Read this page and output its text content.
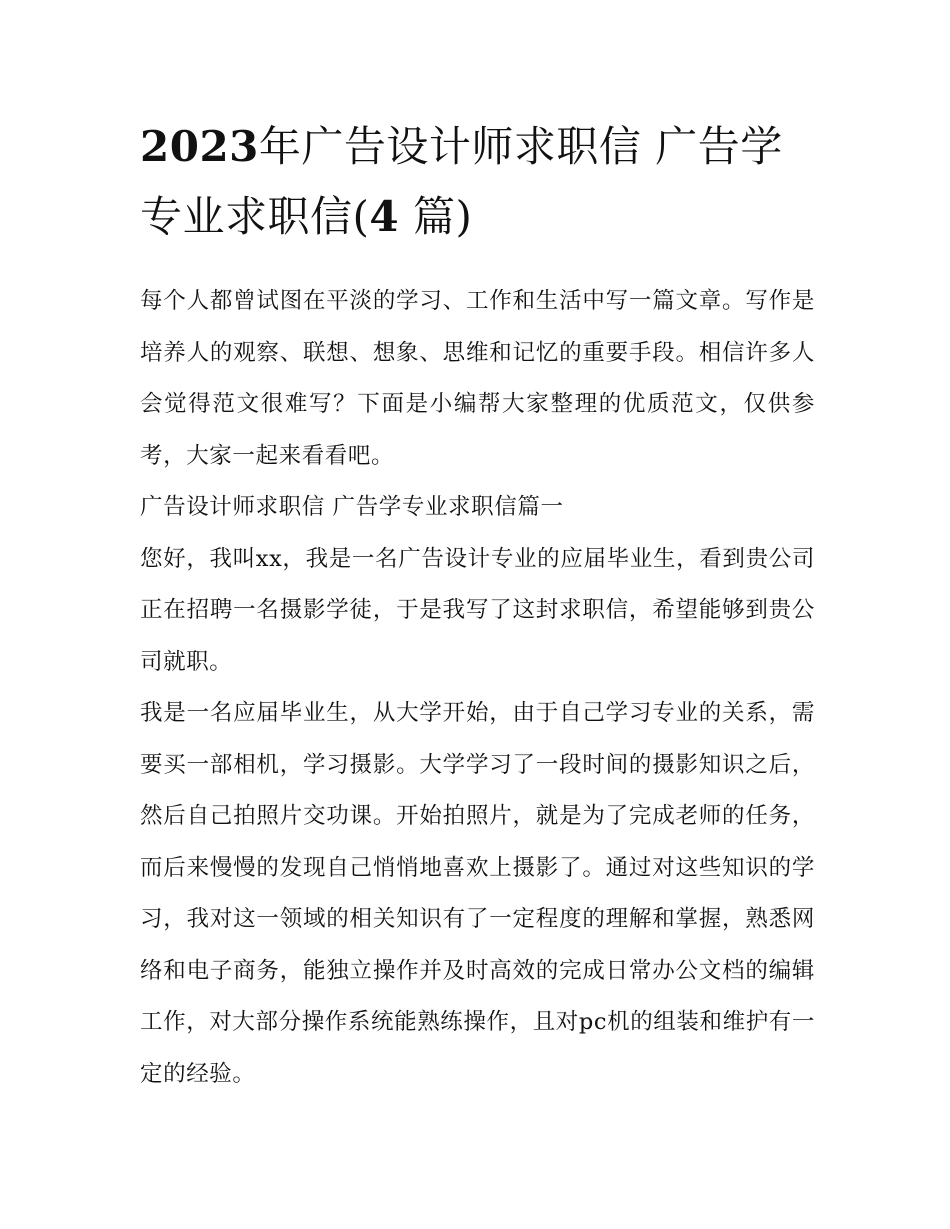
2023年广告设计师求职信 广告学专业求职信(4 篇)

每个人都曾试图在平淡的学习、工作和生活中写一篇文章。写作是培养人的观察、联想、想象、思维和记忆的重要手段。相信许多人会觉得范文很难写？下面是小编帮大家整理的优质范文，仅供参考，大家一起来看看吧。

广告设计师求职信 广告学专业求职信篇一

您好，我叫xx，我是一名广告设计专业的应届毕业生，看到贵公司正在招聘一名摄影学徒，于是我写了这封求职信，希望能够到贵公司就职。

我是一名应届毕业生，从大学开始，由于自己学习专业的关系，需要买一部相机，学习摄影。大学学习了一段时间的摄影知识之后，然后自己拍照片交功课。开始拍照片，就是为了完成老师的任务，而后来慢慢的发现自己悄悄地喜欢上摄影了。通过对这些知识的学习，我对这一领域的相关知识有了一定程度的理解和掌握，熟悉网络和电子商务，能独立操作并及时高效的完成日常办公文档的编辑工作，对大部分操作系统能熟练操作，且对pc机的组装和维护有一定的经验。
